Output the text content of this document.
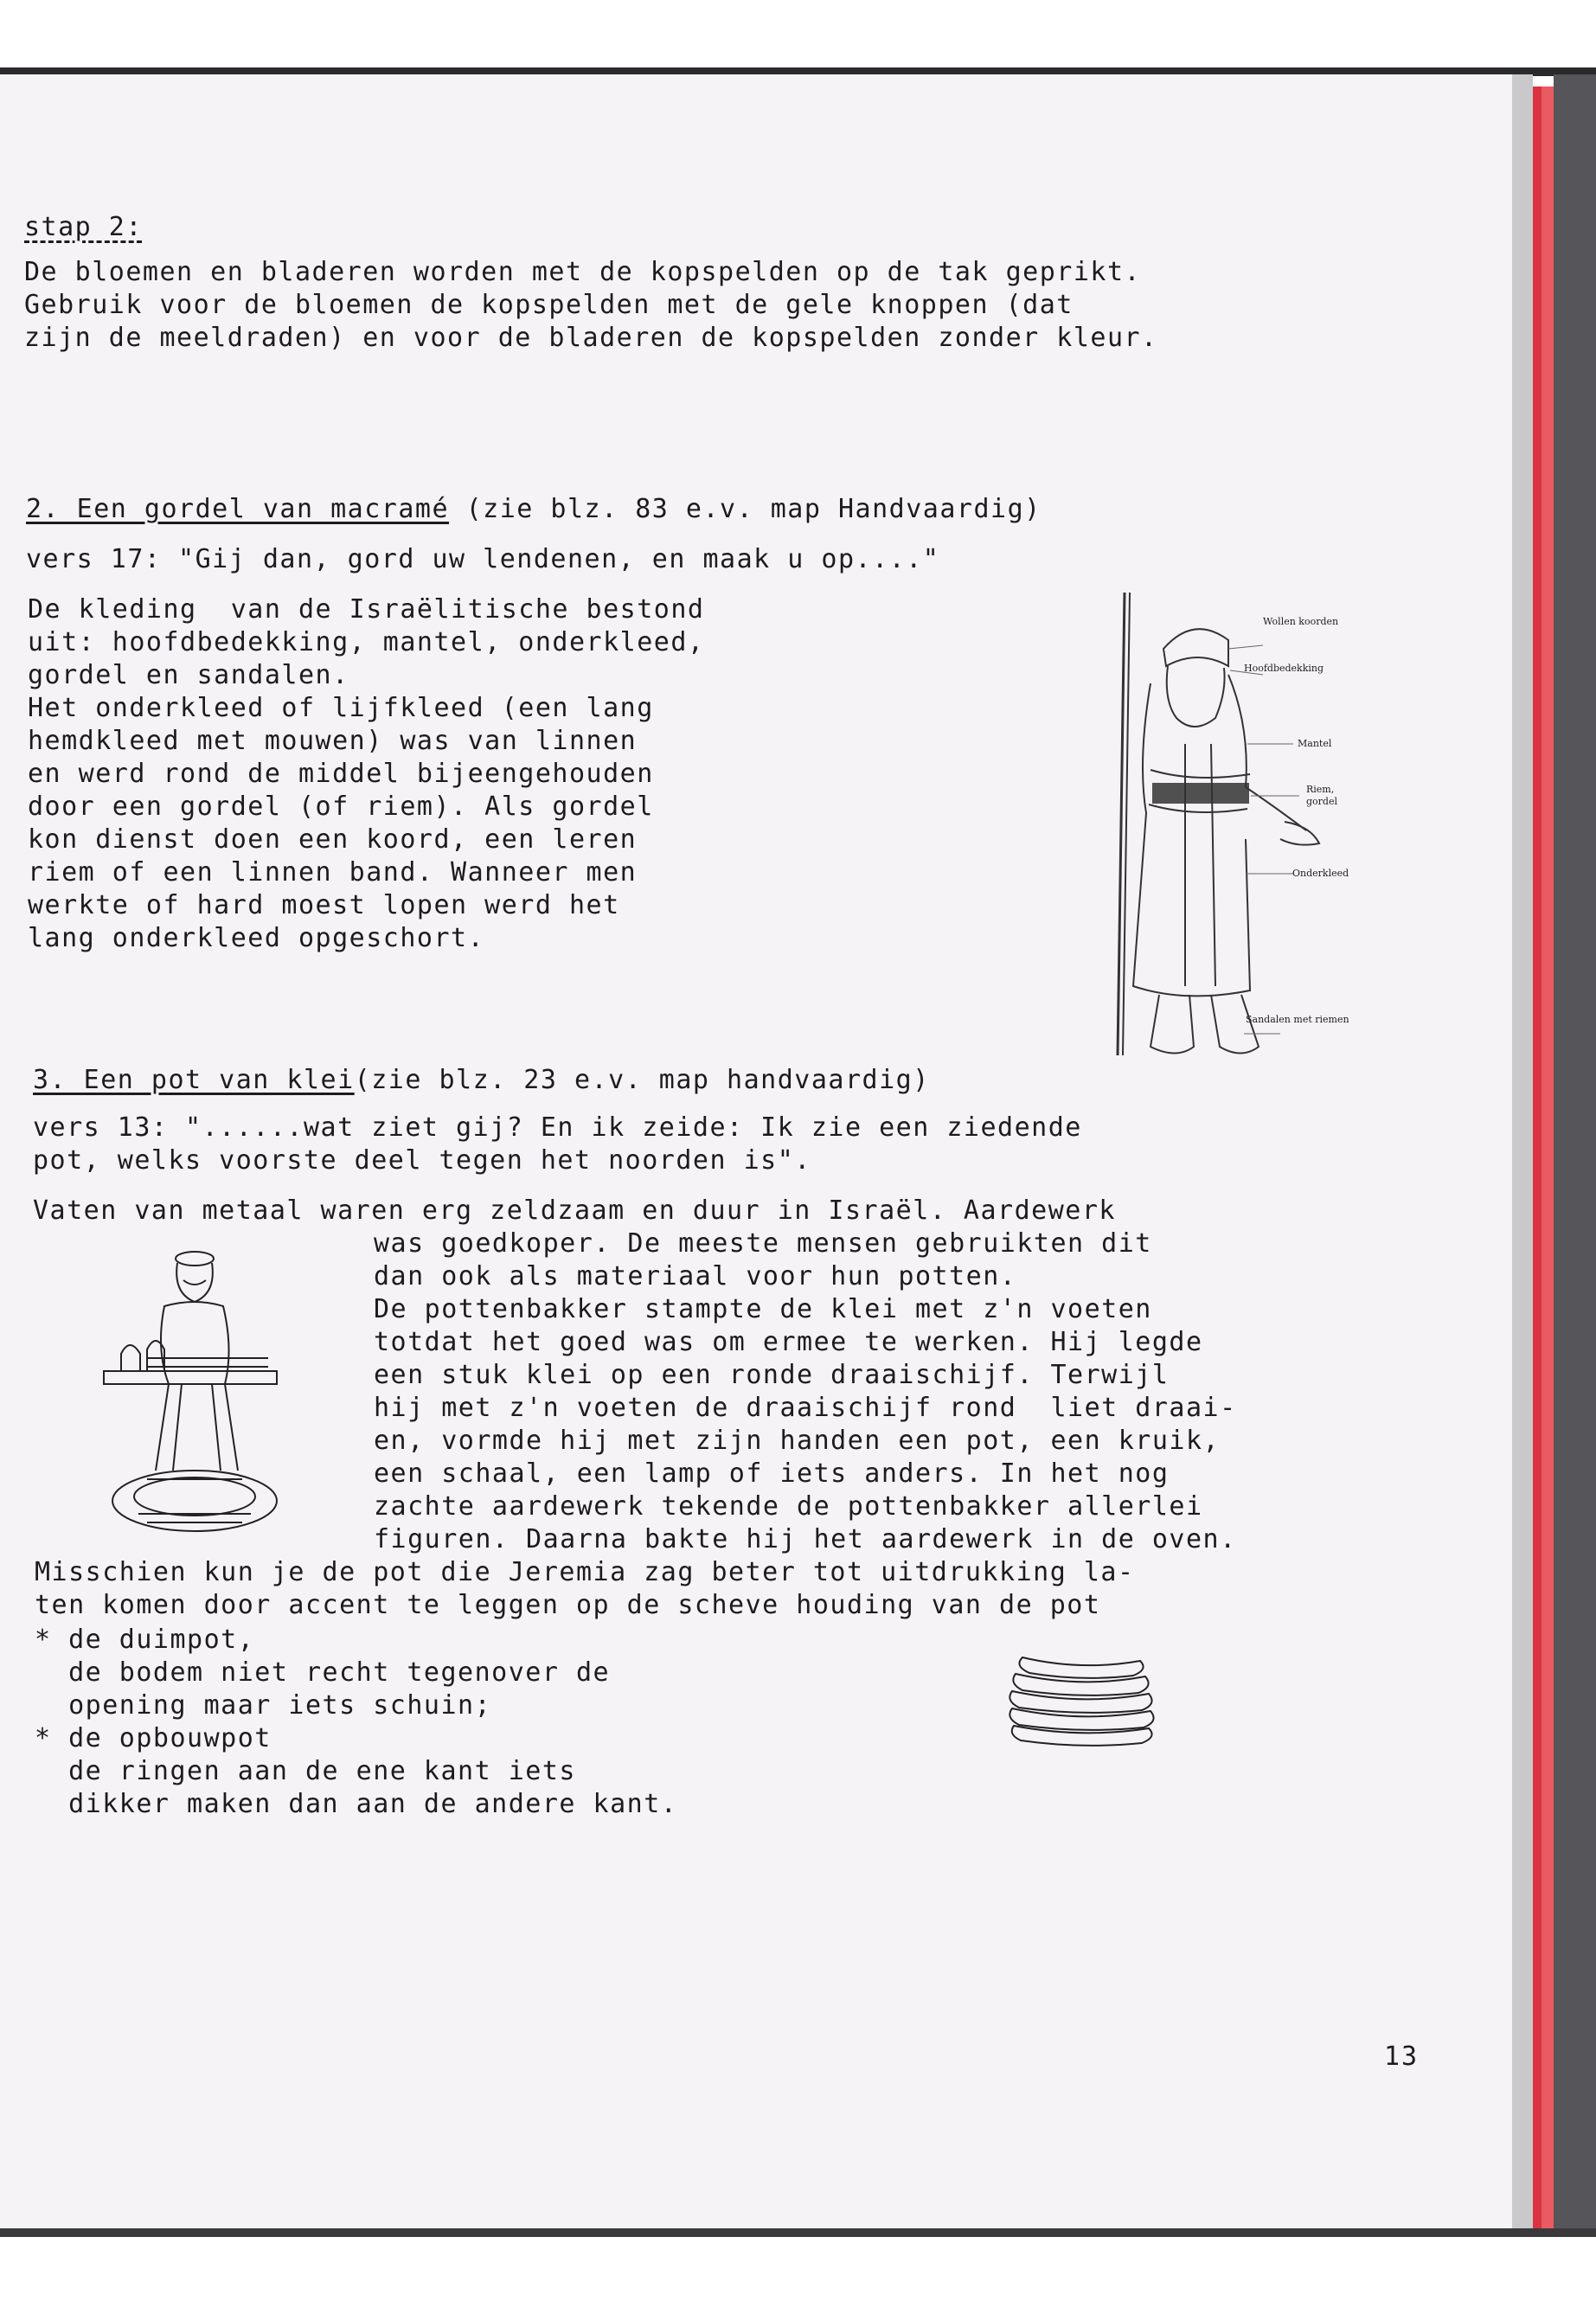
stap 2:

De bloemen en bladeren worden met de kopspelden op de tak geprikt.

Gebruik voor de bloemen de kopspelden met de gele knoppen (dat

zijn de meeldraden) en voor de bladeren de kopspelden zonder kleur.

2. Een gordel van macramé (zie blz. 83 e.v. map Handvaardig)

vers 17: "Gij dan, gord uw lendenen, en maak u op...."

De kleding  van de Israëlitische bestond

uit: hoofdbedekking, mantel, onderkleed,

gordel en sandalen.

Het onderkleed of lijfkleed (een lang

hemdkleed met mouwen) was van linnen

en werd rond de middel bijeengehouden

door een gordel (of riem). Als gordel

kon dienst doen een koord, een leren

riem of een linnen band. Wanneer men

werkte of hard moest lopen werd het

lang onderkleed opgeschort.

Wollen koorden

Hoofdbedekking

Mantel

Riem, gordel

Onderkleed

Sandalen met riemen

3. Een pot van klei(zie blz. 23 e.v. map handvaardig)

vers 13: "......wat ziet gij? En ik zeide: Ik zie een ziedende

pot, welks voorste deel tegen het noorden is".

Vaten van metaal waren erg zeldzaam en duur in Israël. Aardewerk

was goedkoper. De meeste mensen gebruikten dit

dan ook als materiaal voor hun potten.

De pottenbakker stampte de klei met z'n voeten

totdat het goed was om ermee te werken. Hij legde

een stuk klei op een ronde draaischijf. Terwijl

hij met z'n voeten de draaischijf rond  liet draai-

en, vormde hij met zijn handen een pot, een kruik,

een schaal, een lamp of iets anders. In het nog

zachte aardewerk tekende de pottenbakker allerlei

figuren. Daarna bakte hij het aardewerk in de oven.

Misschien kun je de pot die Jeremia zag beter tot uitdrukking la-

ten komen door accent te leggen op de scheve houding van de pot

* de duimpot,

de bodem niet recht tegenover de

opening maar iets schuin;

* de opbouwpot

de ringen aan de ene kant iets

dikker maken dan aan de andere kant.

13
